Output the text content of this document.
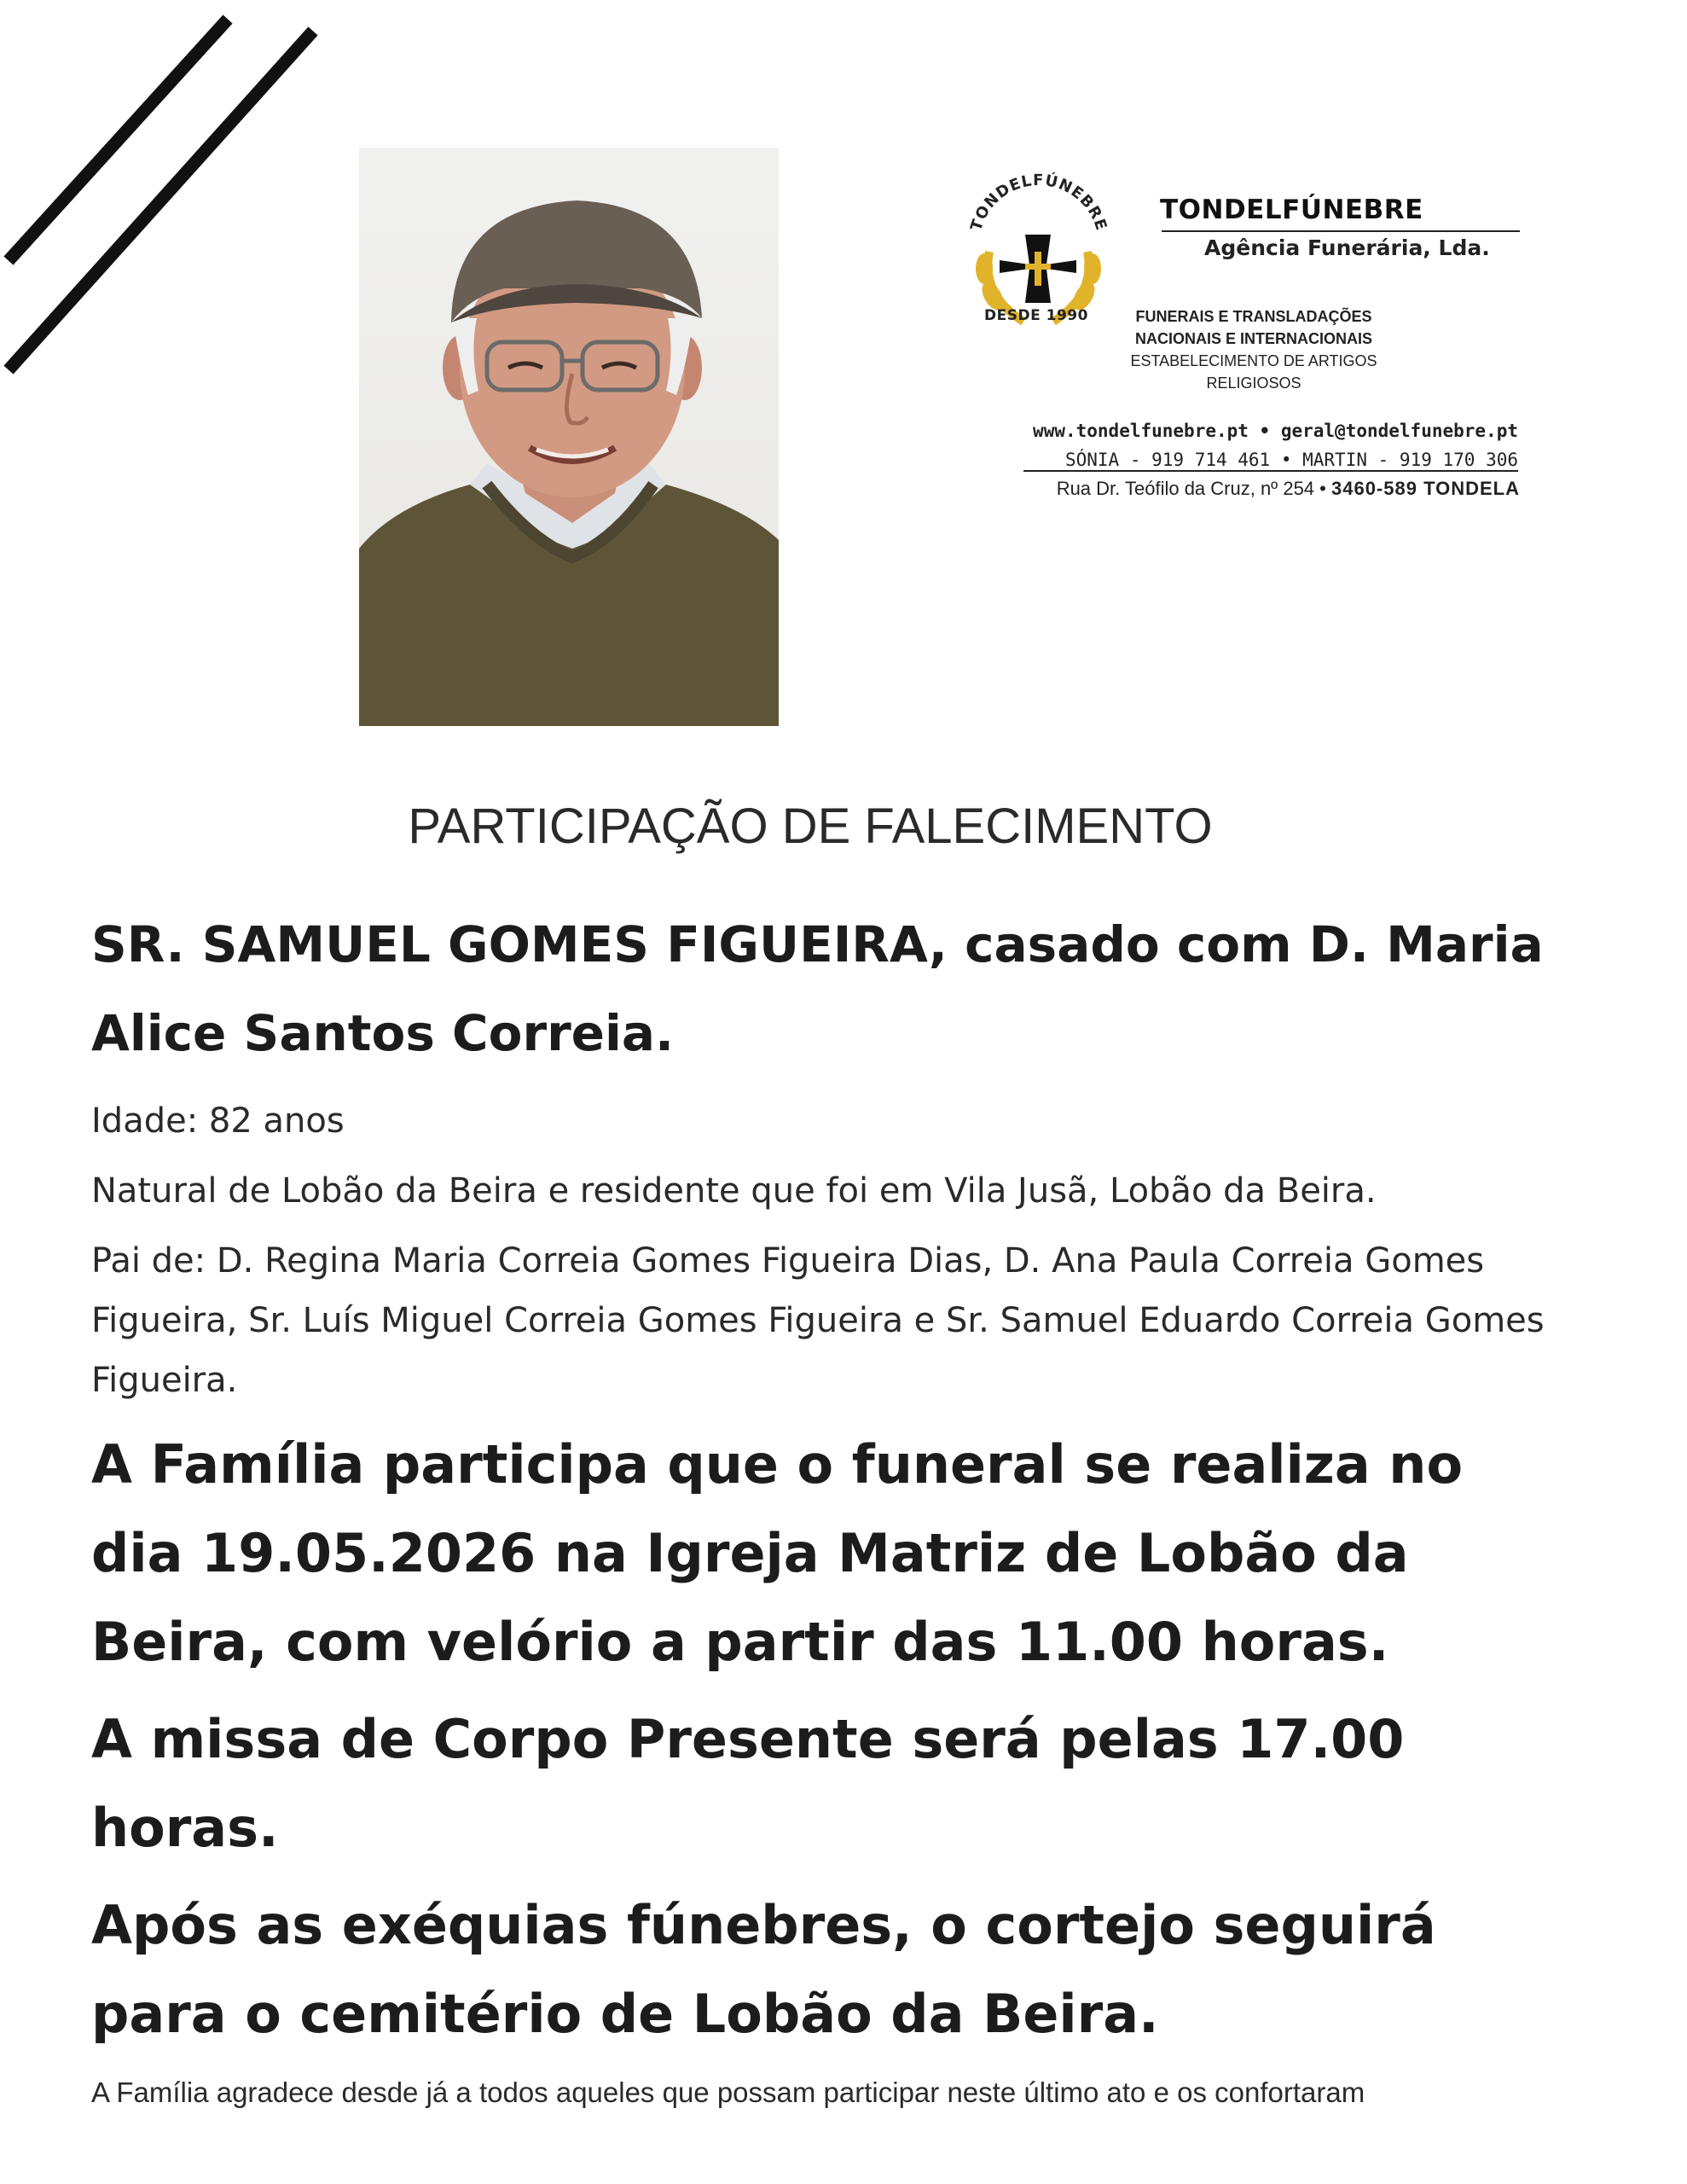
TONDELFÚNEBRE
DESDE 1990
TONDELFÚNEBRE
Agência Funerária, Lda.
FUNERAIS E TRANSLADAÇÕES
NACIONAIS E INTERNACIONAIS
ESTABELECIMENTO DE ARTIGOS RELIGIOSOS
www.tondelfunebre.pt • geral@tondelfunebre.pt
SÓNIA - 919 714 461 • MARTIN - 919 170 306
Rua Dr. Teófilo da Cruz, nº 254 • 3460-589 TONDELA
PARTICIPAÇÃO DE FALECIMENTO

SR. SAMUEL GOMES FIGUEIRA, casado com D. Maria Alice Santos Correia.

Idade: 82 anos

Natural de Lobão da Beira e residente que foi em Vila Jusã, Lobão da Beira.

Pai de: D. Regina Maria Correia Gomes Figueira Dias, D. Ana Paula Correia Gomes Figueira, Sr. Luís Miguel Correia Gomes Figueira e Sr. Samuel Eduardo Correia Gomes Figueira.

A Família participa que o funeral se realiza no dia 19.05.2026 na Igreja Matriz de Lobão da Beira, com velório a partir das 11.00 horas.

A missa de Corpo Presente será pelas 17.00 horas.

Após as exéquias fúnebres, o cortejo seguirá para o cemitério de Lobão da Beira.

A Família agradece desde já a todos aqueles que possam participar neste último ato e os confortaram
